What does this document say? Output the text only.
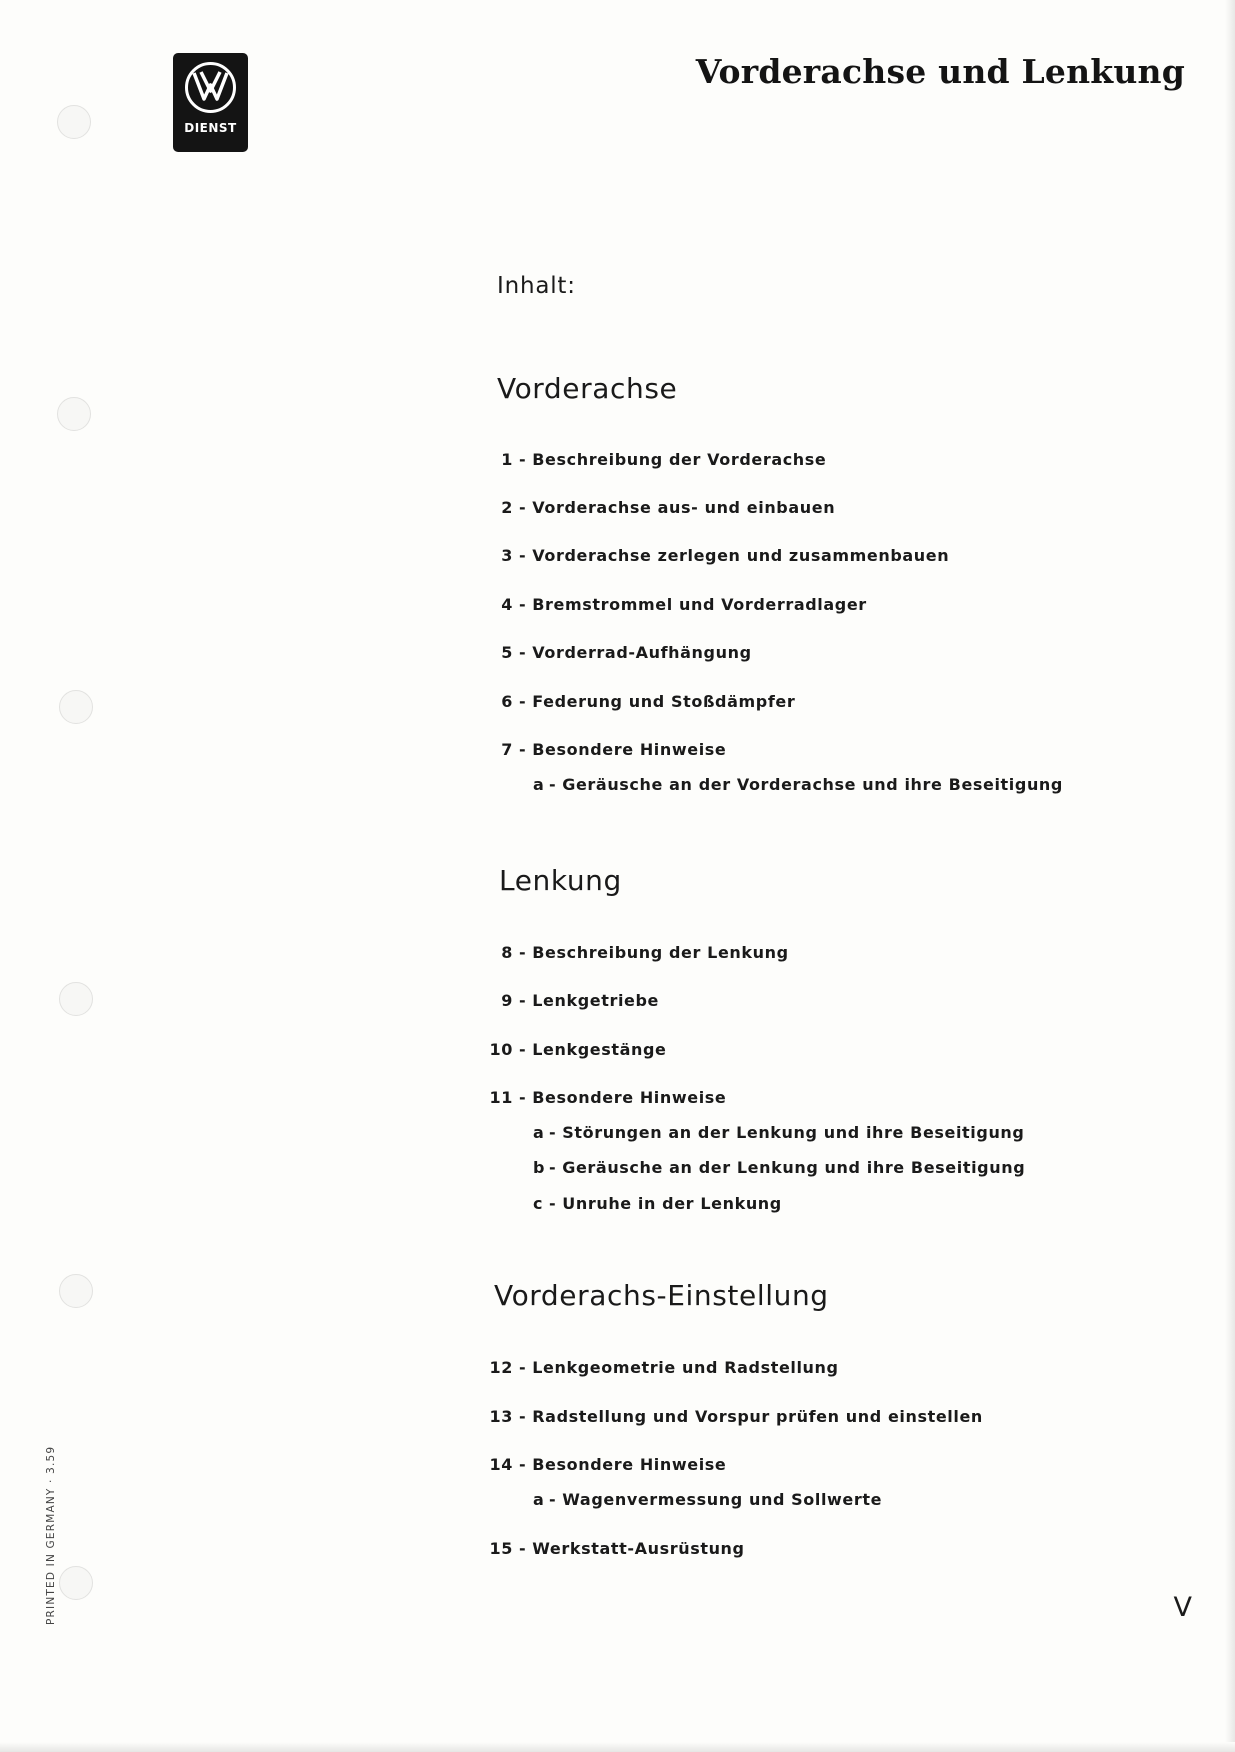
DIENST
Vorderachse und Lenkung
Inhalt:
Vorderachse
1 - Beschreibung der Vorderachse
2 - Vorderachse aus- und einbauen
3 - Vorderachse zerlegen und zusammenbauen
4 - Bremstrommel und Vorderradlager
5 - Vorderrad-Aufhängung
6 - Federung und Stoßdämpfer
7 - Besondere Hinweise
a - Geräusche an der Vorderachse und ihre Beseitigung
Lenkung
8 - Beschreibung der Lenkung
9 - Lenkgetriebe
10 - Lenkgestänge
11 - Besondere Hinweise
a - Störungen an der Lenkung und ihre Beseitigung
b - Geräusche an der Lenkung und ihre Beseitigung
c - Unruhe in der Lenkung
Vorderachs-Einstellung
12 - Lenkgeometrie und Radstellung
13 - Radstellung und Vorspur prüfen und einstellen
14 - Besondere Hinweise
a - Wagenvermessung und Sollwerte
15 - Werkstatt-Ausrüstung
PRINTED IN GERMANY · 3.59	V
